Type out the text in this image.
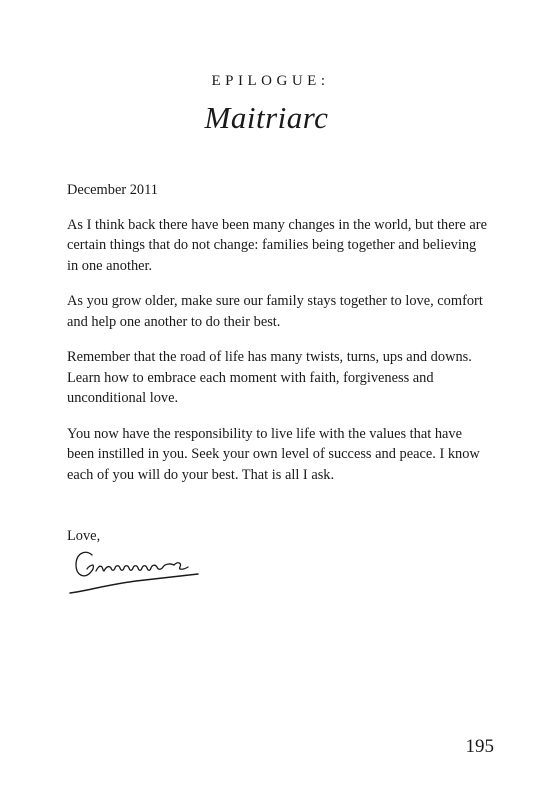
EPILOGUE:
Maitriarc

December 2011

As I think back there have been many changes in the world, but there are certain things that do not change: families being together and believing in one another.

As you grow older, make sure our family stays together to love, comfort and help one another to do their best.

Remember that the road of life has many twists, turns, ups and downs. Learn how to embrace each moment with faith, forgiveness and unconditional love.

You now have the responsibility to live life with the values that have been instilled in you. Seek your own level of success and peace. I know each of you will do your best. That is all I ask.

Love,
195
